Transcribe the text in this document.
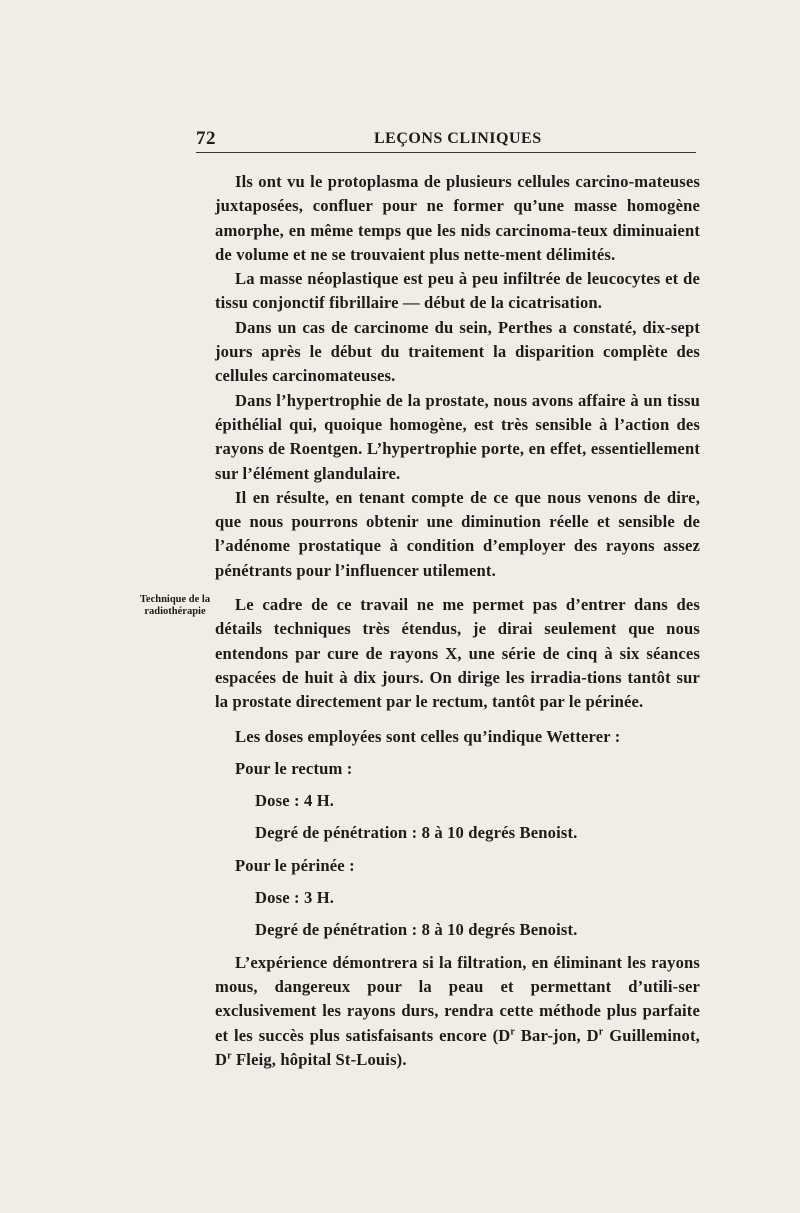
72	LEÇONS CLINIQUES
Technique de la
radiothérapie

Ils ont vu le protoplasma de plusieurs cellules carcino-mateuses juxtaposées, confluer pour ne former qu’une masse homogène amorphe, en même temps que les nids carcinoma-teux diminuaient de volume et ne se trouvaient plus nette-ment délimités.

La masse néoplastique est peu à peu infiltrée de leucocytes et de tissu conjonctif fibrillaire — début de la cicatrisation.

Dans un cas de carcinome du sein, Perthes a constaté, dix-sept jours après le début du traitement la disparition complète des cellules carcinomateuses.

Dans l’hypertrophie de la prostate, nous avons affaire à un tissu épithélial qui, quoique homogène, est très sensible à l’action des rayons de Roentgen. L’hypertrophie porte, en effet, essentiellement sur l’élément glandulaire.

Il en résulte, en tenant compte de ce que nous venons de dire, que nous pourrons obtenir une diminution réelle et sensible de l’adénome prostatique à condition d’employer des rayons assez pénétrants pour l’influencer utilement.

Le cadre de ce travail ne me permet pas d’entrer dans des détails techniques très étendus, je dirai seulement que nous entendons par cure de rayons X, une série de cinq à six séances espacées de huit à dix jours. On dirige les irradia-tions tantôt sur la prostate directement par le rectum, tantôt par le périnée.

Les doses employées sont celles qu’indique Wetterer :

Pour le rectum :

Dose : 4 H.

Degré de pénétration : 8 à 10 degrés Benoist.

Pour le périnée :

Dose : 3 H.

Degré de pénétration : 8 à 10 degrés Benoist.

L’expérience démontrera si la filtration, en éliminant les rayons mous, dangereux pour la peau et permettant d’utili-ser exclusivement les rayons durs, rendra cette méthode plus parfaite et les succès plus satisfaisants encore ($D^r$ Bar-jon, $D^r$ Guilleminot, $D^r$ Fleig, hôpital St-Louis).
